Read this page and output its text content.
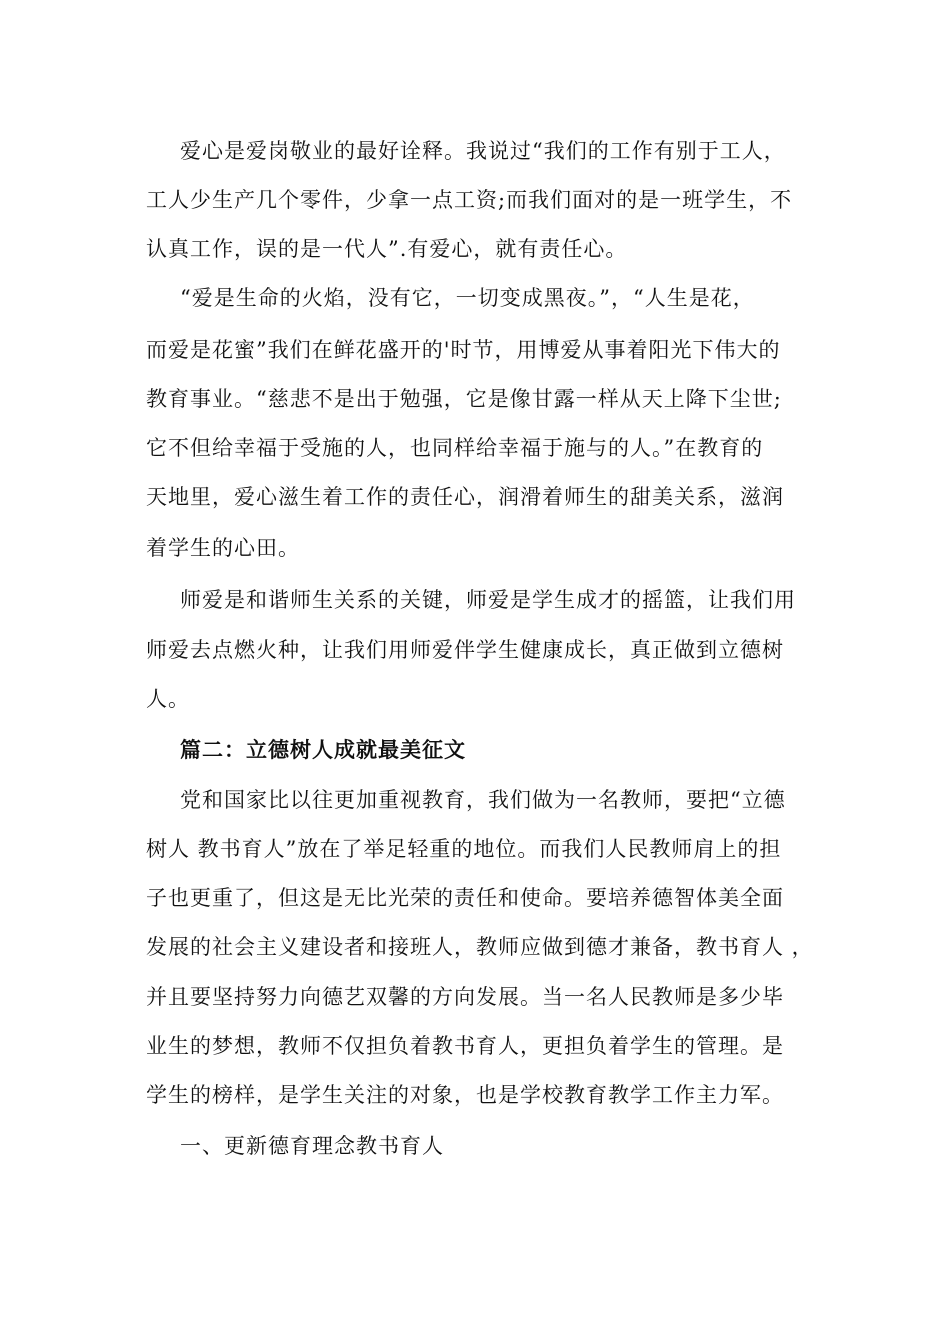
爱心是爱岗敬业的最好诠释。我说过“我们的工作有别于工人，
工人少生产几个零件，少拿一点工资;而我们面对的是一班学生，不
认真工作，误的是一代人”.有爱心，就有责任心。
“爱是生命的火焰，没有它，一切变成黑夜。”，“人生是花，
而爱是花蜜”我们在鲜花盛开的'时节，用博爱从事着阳光下伟大的
教育事业。“慈悲不是出于勉强，它是像甘露一样从天上降下尘世;
它不但给幸福于受施的人，也同样给幸福于施与的人。”在教育的
天地里，爱心滋生着工作的责任心，润滑着师生的甜美关系，滋润
着学生的心田。
师爱是和谐师生关系的关键，师爱是学生成才的摇篮，让我们用
师爱去点燃火种，让我们用师爱伴学生健康成长，真正做到立德树
人。
篇二：立德树人成就最美征文
党和国家比以往更加重视教育，我们做为一名教师，要把“立德
树人 教书育人”放在了举足轻重的地位。而我们人民教师肩上的担
子也更重了，但这是无比光荣的责任和使命。要培养德智体美全面
发展的社会主义建设者和接班人，教师应做到德才兼备，教书育人 ，
并且要坚持努力向德艺双馨的方向发展。当一名人民教师是多少毕
业生的梦想，教师不仅担负着教书育人，更担负着学生的管理。是
学生的榜样，是学生关注的对象，也是学校教育教学工作主力军。
一、更新德育理念教书育人
